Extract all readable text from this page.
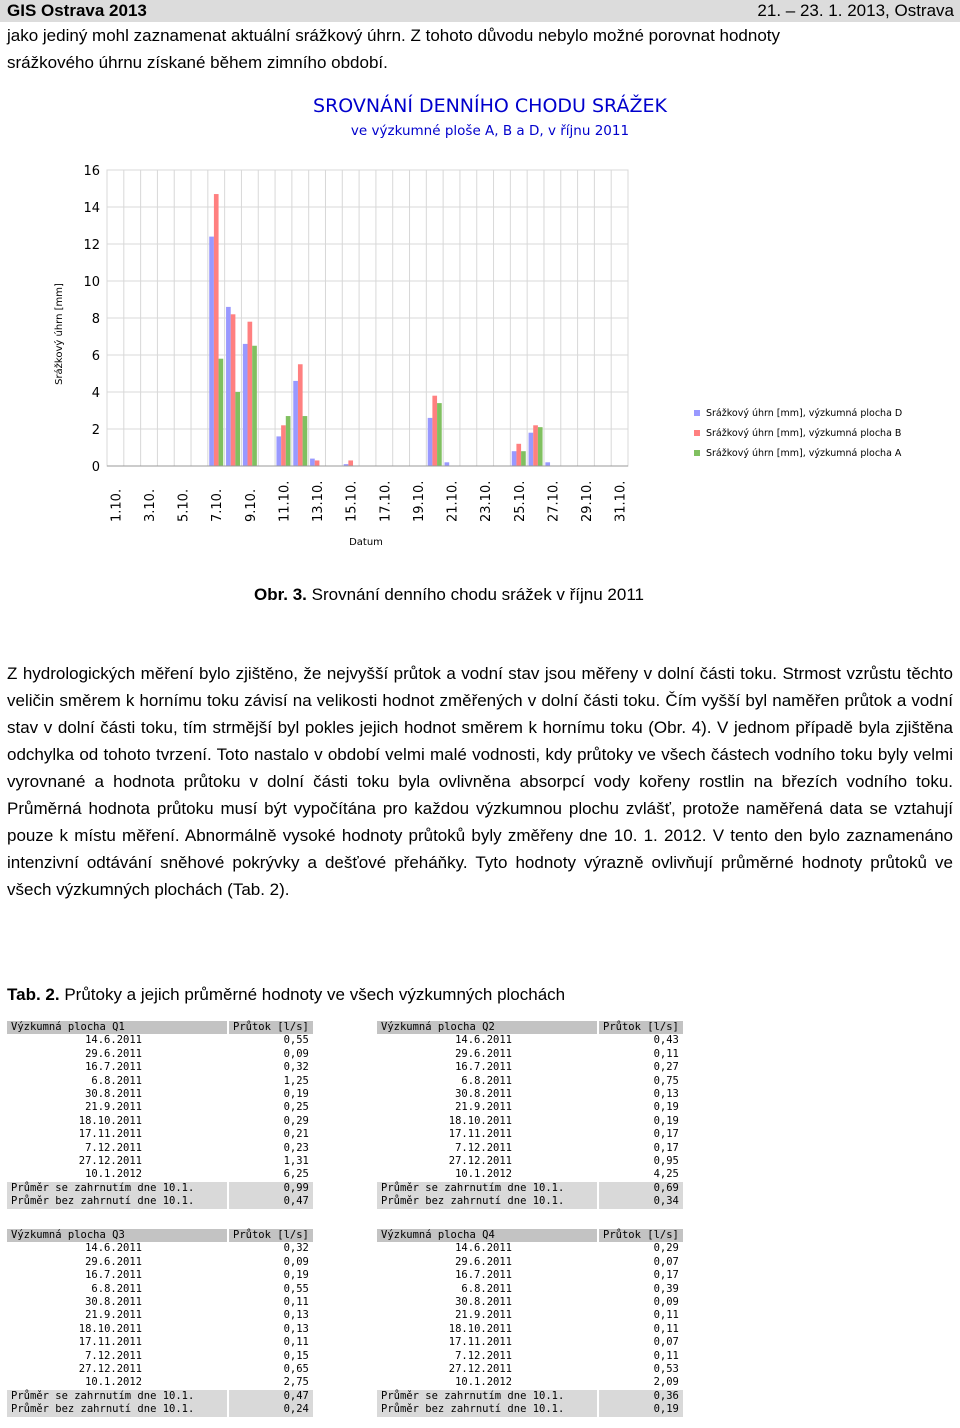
GIS Ostrava 2013	21. – 23. 1. 2013, Ostrava

jako jediný mohl zaznamenat aktuální srážkový úhrn. Z tohoto důvodu nebylo možné porovnat hodnoty
srážkového úhrnu získané během zimního období.

SROVNÁNÍ DENNÍHO CHODU SRÁŽEK
ve výzkumné ploše A, B a D, v říjnu 2011
Srážkový úhrn [mm]
Datum
0
2
4
6
8
10
12
14
16
1.10. 3.10. 5.10. 7.10. 9.10. 11.10. 13.10. 15.10. 17.10. 19.10. 21.10. 23.10. 25.10. 27.10. 29.10. 31.10.
Srážkový úhrn [mm], výzkumná plocha D
Srážkový úhrn [mm], výzkumná plocha B
Srážkový úhrn [mm], výzkumná plocha A
Obr. 3. Srovnání denního chodu srážek v říjnu 2011

Z hydrologických měření bylo zjištěno, že nejvyšší průtok a vodní stav jsou měřeny v dolní části toku. Strmost vzrůstu těchto veličin směrem k hornímu toku závisí na velikosti hodnot změřených v dolní části toku. Čím vyšší byl naměřen průtok a vodní stav v dolní části toku, tím strmější byl pokles jejich hodnot směrem k hornímu toku (Obr. 4). V jednom případě byla zjištěna odchylka od tohoto tvrzení. Toto nastalo v období velmi malé vodnosti, kdy průtoky ve všech částech vodního toku byly velmi vyrovnané a hodnota průtoku v dolní části toku byla ovlivněna absorpcí vody kořeny rostlin na březích vodního toku. Průměrná hodnota průtoku musí být vypočítána pro každou výzkumnou plochu zvlášť, protože naměřená data se vztahují pouze k místu měření. Abnormálně vysoké hodnoty průtoků byly změřeny dne 10. 1. 2012. V tento den bylo zaznamenáno intenzivní odtávání sněhové pokrývky a dešťové přeháňky. Tyto hodnoty výrazně ovlivňují průměrné hodnoty průtoků ve všech výzkumných plochách (Tab. 2).

Tab. 2. Průtoky a jejich průměrné hodnoty ve všech výzkumných plochách
Výzkumná plocha Q1		Průtok [l/s]
14.6.2011		0,55
29.6.2011		0,09
16.7.2011		0,32
6.8.2011		1,25
30.8.2011		0,19
21.9.2011		0,25
18.10.2011		0,29
17.11.2011		0,21
7.12.2011		0,23
27.12.2011		1,31
10.1.2012		6,25
Průměr se zahrnutím dne 10.1.		0,99
Průměr bez zahrnutí dne 10.1.		0,47
Výzkumná plocha Q2		Průtok [l/s]
14.6.2011		0,43
29.6.2011		0,11
16.7.2011		0,27
6.8.2011		0,75
30.8.2011		0,13
21.9.2011		0,19
18.10.2011		0,19
17.11.2011		0,17
7.12.2011		0,17
27.12.2011		0,95
10.1.2012		4,25
Průměr se zahrnutím dne 10.1.		0,69
Průměr bez zahrnutí dne 10.1.		0,34
Výzkumná plocha Q3		Průtok [l/s]
14.6.2011		0,32
29.6.2011		0,09
16.7.2011		0,19
6.8.2011		0,55
30.8.2011		0,11
21.9.2011		0,13
18.10.2011		0,13
17.11.2011		0,11
7.12.2011		0,15
27.12.2011		0,65
10.1.2012		2,75
Průměr se zahrnutím dne 10.1.		0,47
Průměr bez zahrnutí dne 10.1.		0,24
Výzkumná plocha Q4		Průtok [l/s]
14.6.2011		0,29
29.6.2011		0,07
16.7.2011		0,17
6.8.2011		0,39
30.8.2011		0,09
21.9.2011		0,11
18.10.2011		0,11
17.11.2011		0,07
7.12.2011		0,11
27.12.2011		0,53
10.1.2012		2,09
Průměr se zahrnutím dne 10.1.		0,36
Průměr bez zahrnutí dne 10.1.		0,19
